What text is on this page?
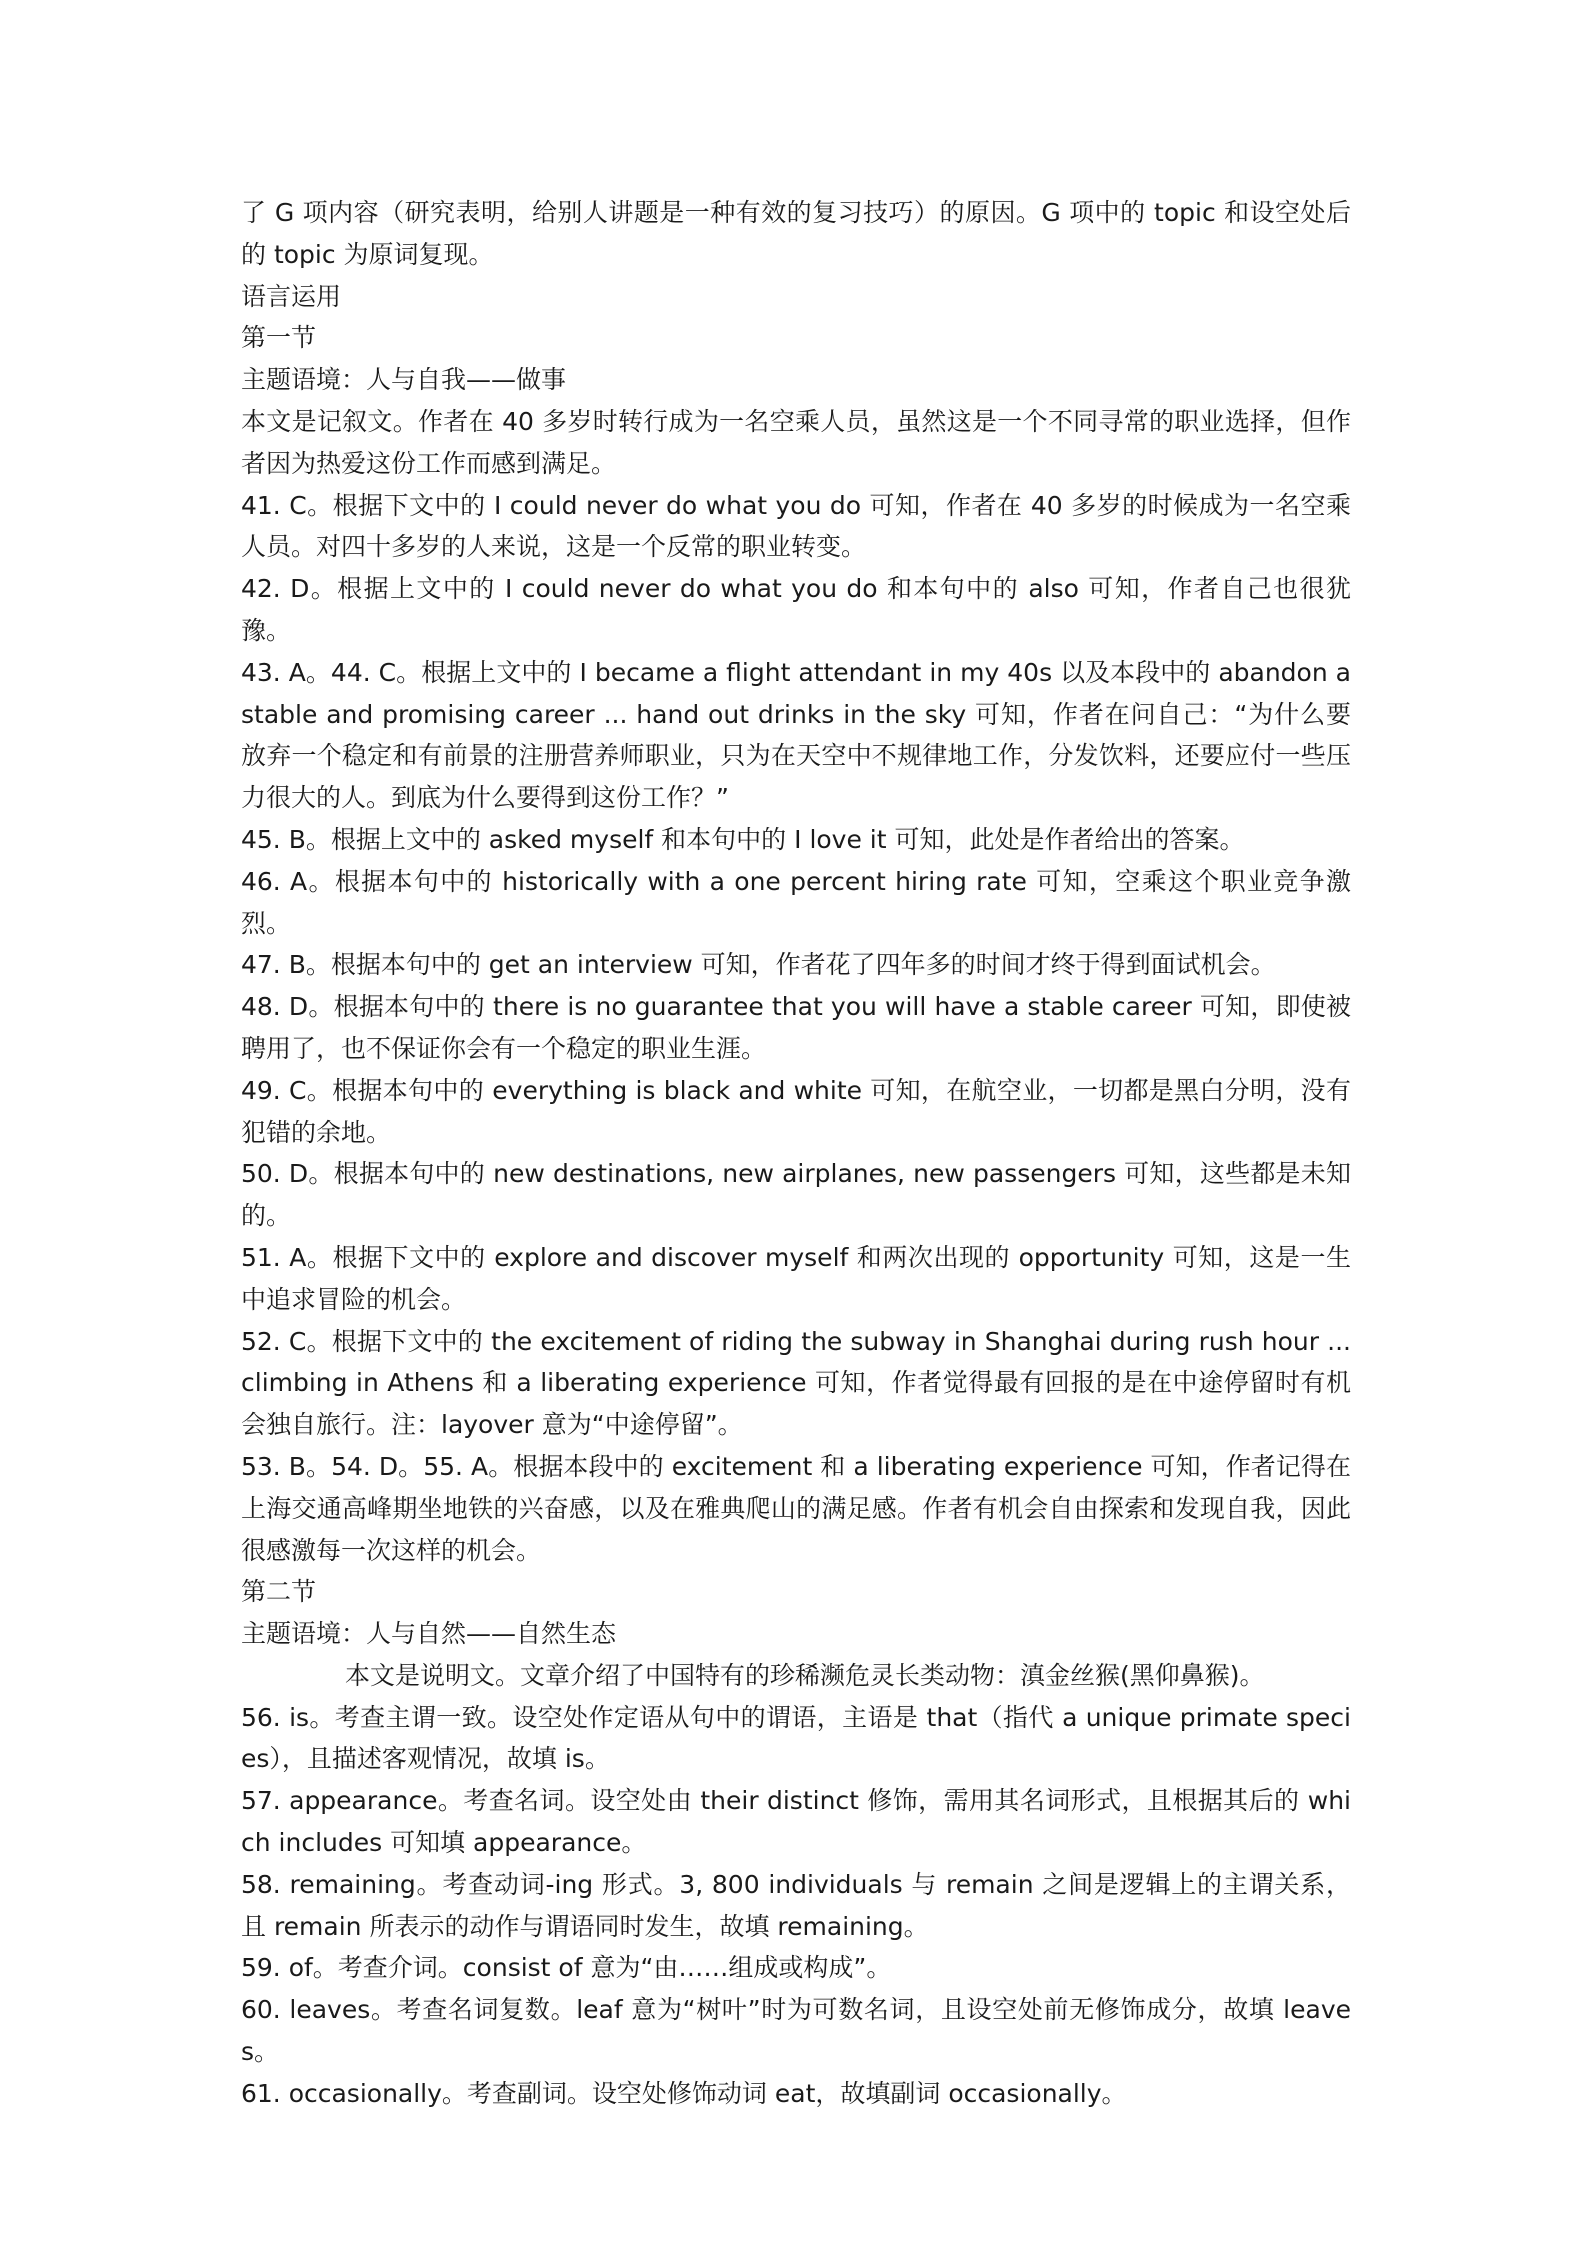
了 G 项内容（研究表明，给别人讲题是一种有效的复习技巧）的原因。G 项中的 topic 和设空处后的 topic 为原词复现。

语言运用

第一节

主题语境：人与自我——做事

本文是记叙文。作者在 40 多岁时转行成为一名空乘人员，虽然这是一个不同寻常的职业选择，但作者因为热爱这份工作而感到满足。

41. C。根据下文中的 I could never do what you do 可知，作者在 40 多岁的时候成为一名空乘人员。对四十多岁的人来说，这是一个反常的职业转变。

42. D。根据上文中的 I could never do what you do 和本句中的 also 可知，作者自己也很犹豫。

43. A。44. C。根据上文中的 I became a flight attendant in my 40s 以及本段中的 abandon a stable and promising career ... hand out drinks in the sky 可知，作者在问自己：“为什么要放弃一个稳定和有前景的注册营养师职业，只为在天空中不规律地工作，分发饮料，还要应付一些压力很大的人。到底为什么要得到这份工作？”

45. B。根据上文中的 asked myself 和本句中的 I love it 可知，此处是作者给出的答案。

46. A。根据本句中的 historically with a one percent hiring rate 可知，空乘这个职业竞争激烈。

47. B。根据本句中的 get an interview 可知，作者花了四年多的时间才终于得到面试机会。

48. D。根据本句中的 there is no guarantee that you will have a stable career 可知，即使被聘用了，也不保证你会有一个稳定的职业生涯。

49. C。根据本句中的 everything is black and white 可知，在航空业，一切都是黑白分明，没有犯错的余地。

50. D。根据本句中的 new destinations, new airplanes, new passengers 可知，这些都是未知的。

51. A。根据下文中的 explore and discover myself 和两次出现的 opportunity 可知，这是一生中追求冒险的机会。

52. C。根据下文中的 the excitement of riding the subway in Shanghai during rush hour ... climbing in Athens 和 a liberating experience 可知，作者觉得最有回报的是在中途停留时有机会独自旅行。注：layover 意为“中途停留”。

53. B。54. D。55. A。根据本段中的 excitement 和 a liberating experience 可知，作者记得在上海交通高峰期坐地铁的兴奋感，以及在雅典爬山的满足感。作者有机会自由探索和发现自我，因此很感激每一次这样的机会。

第二节

主题语境：人与自然——自然生态

本文是说明文。文章介绍了中国特有的珍稀濒危灵长类动物：滇金丝猴(黑仰鼻猴)。

56. is。考查主谓一致。设空处作定语从句中的谓语，主语是 that（指代 a unique primate species），且描述客观情况，故填 is。

57. appearance。考查名词。设空处由 their distinct 修饰，需用其名词形式，且根据其后的 which includes 可知填 appearance。

58. remaining。考查动词-ing 形式。3, 800 individuals 与 remain 之间是逻辑上的主谓关系，且 remain 所表示的动作与谓语同时发生，故填 remaining。

59. of。考查介词。consist of 意为“由……组成或构成”。

60. leaves。考查名词复数。leaf 意为“树叶”时为可数名词，且设空处前无修饰成分，故填 leaves。

61. occasionally。考查副词。设空处修饰动词 eat，故填副词 occasionally。
